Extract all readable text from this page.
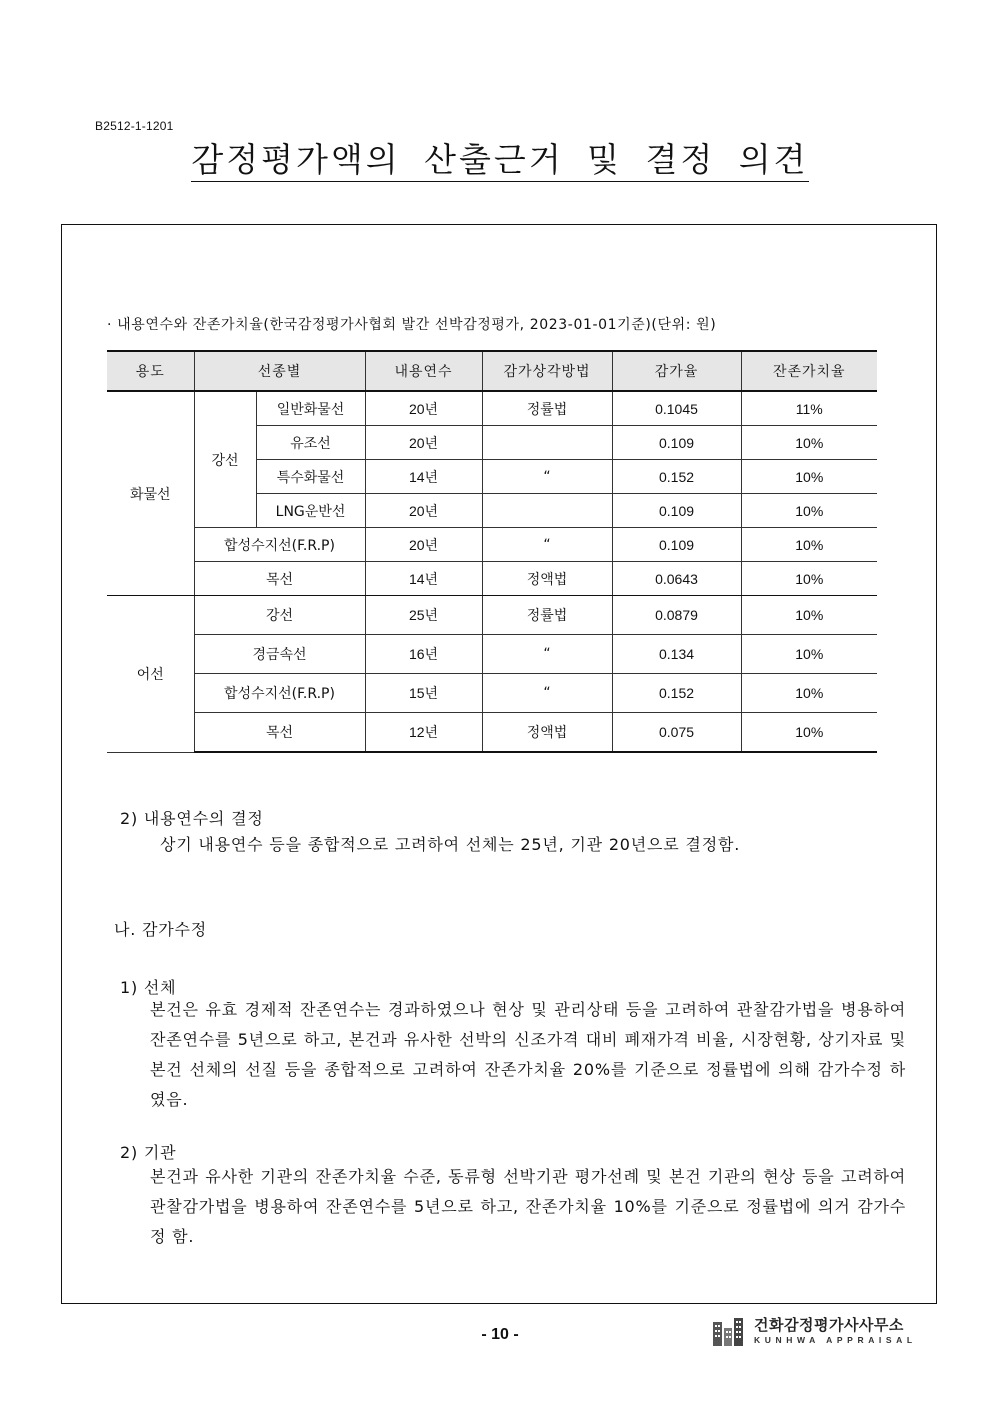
B2512-1-1201
감정평가액의 산출근거 및 결정 의견
· 내용연수와 잔존가치율(한국감정평가사협회 발간 선박감정평가, 2023-01-01기준)(단위: 원)
용도	선종별		내용연수	감가상각방법	감가율	잔존가치율
화물선	강선	일반화물선	20년	정률법	0.1045	11%
		유조선	20년		0.109	10%
		특수화물선	14년	“	0.152	10%
		LNG운반선	20년		0.109	10%
	합성수지선(F.R.P)		20년	“	0.109	10%
	목선		14년	정액법	0.0643	10%
어선	강선		25년	정률법	0.0879	10%
	경금속선		16년	“	0.134	10%
	합성수지선(F.R.P)		15년	“	0.152	10%
	목선		12년	정액법	0.075	10%
2) 내용연수의 결정
상기 내용연수 등을 종합적으로 고려하여 선체는 25년, 기관 20년으로 결정함.
나. 감가수정
1) 선체
본건은 유효 경제적 잔존연수는 경과하였으나 현상 및 관리상태 등을 고려하여 관찰감가법을 병용하여 잔존연수를 5년으로 하고, 본건과 유사한 선박의 신조가격 대비 폐재가격 비율, 시장현황, 상기자료 및 본건 선체의 선질 등을 종합적으로 고려하여 잔존가치율 20%를 기준으로 정률법에 의해 감가수정 하였음.
2) 기관
본건과 유사한 기관의 잔존가치율 수준, 동류형 선박기관 평가선례 및 본건 기관의 현상 등을 고려하여 관찰감가법을 병용하여 잔존연수를 5년으로 하고, 잔존가치율 10%를 기준으로 정률법에 의거 감가수정 함.
- 10 -
건화감정평가사사무소
KUNHWA APPRAISAL
